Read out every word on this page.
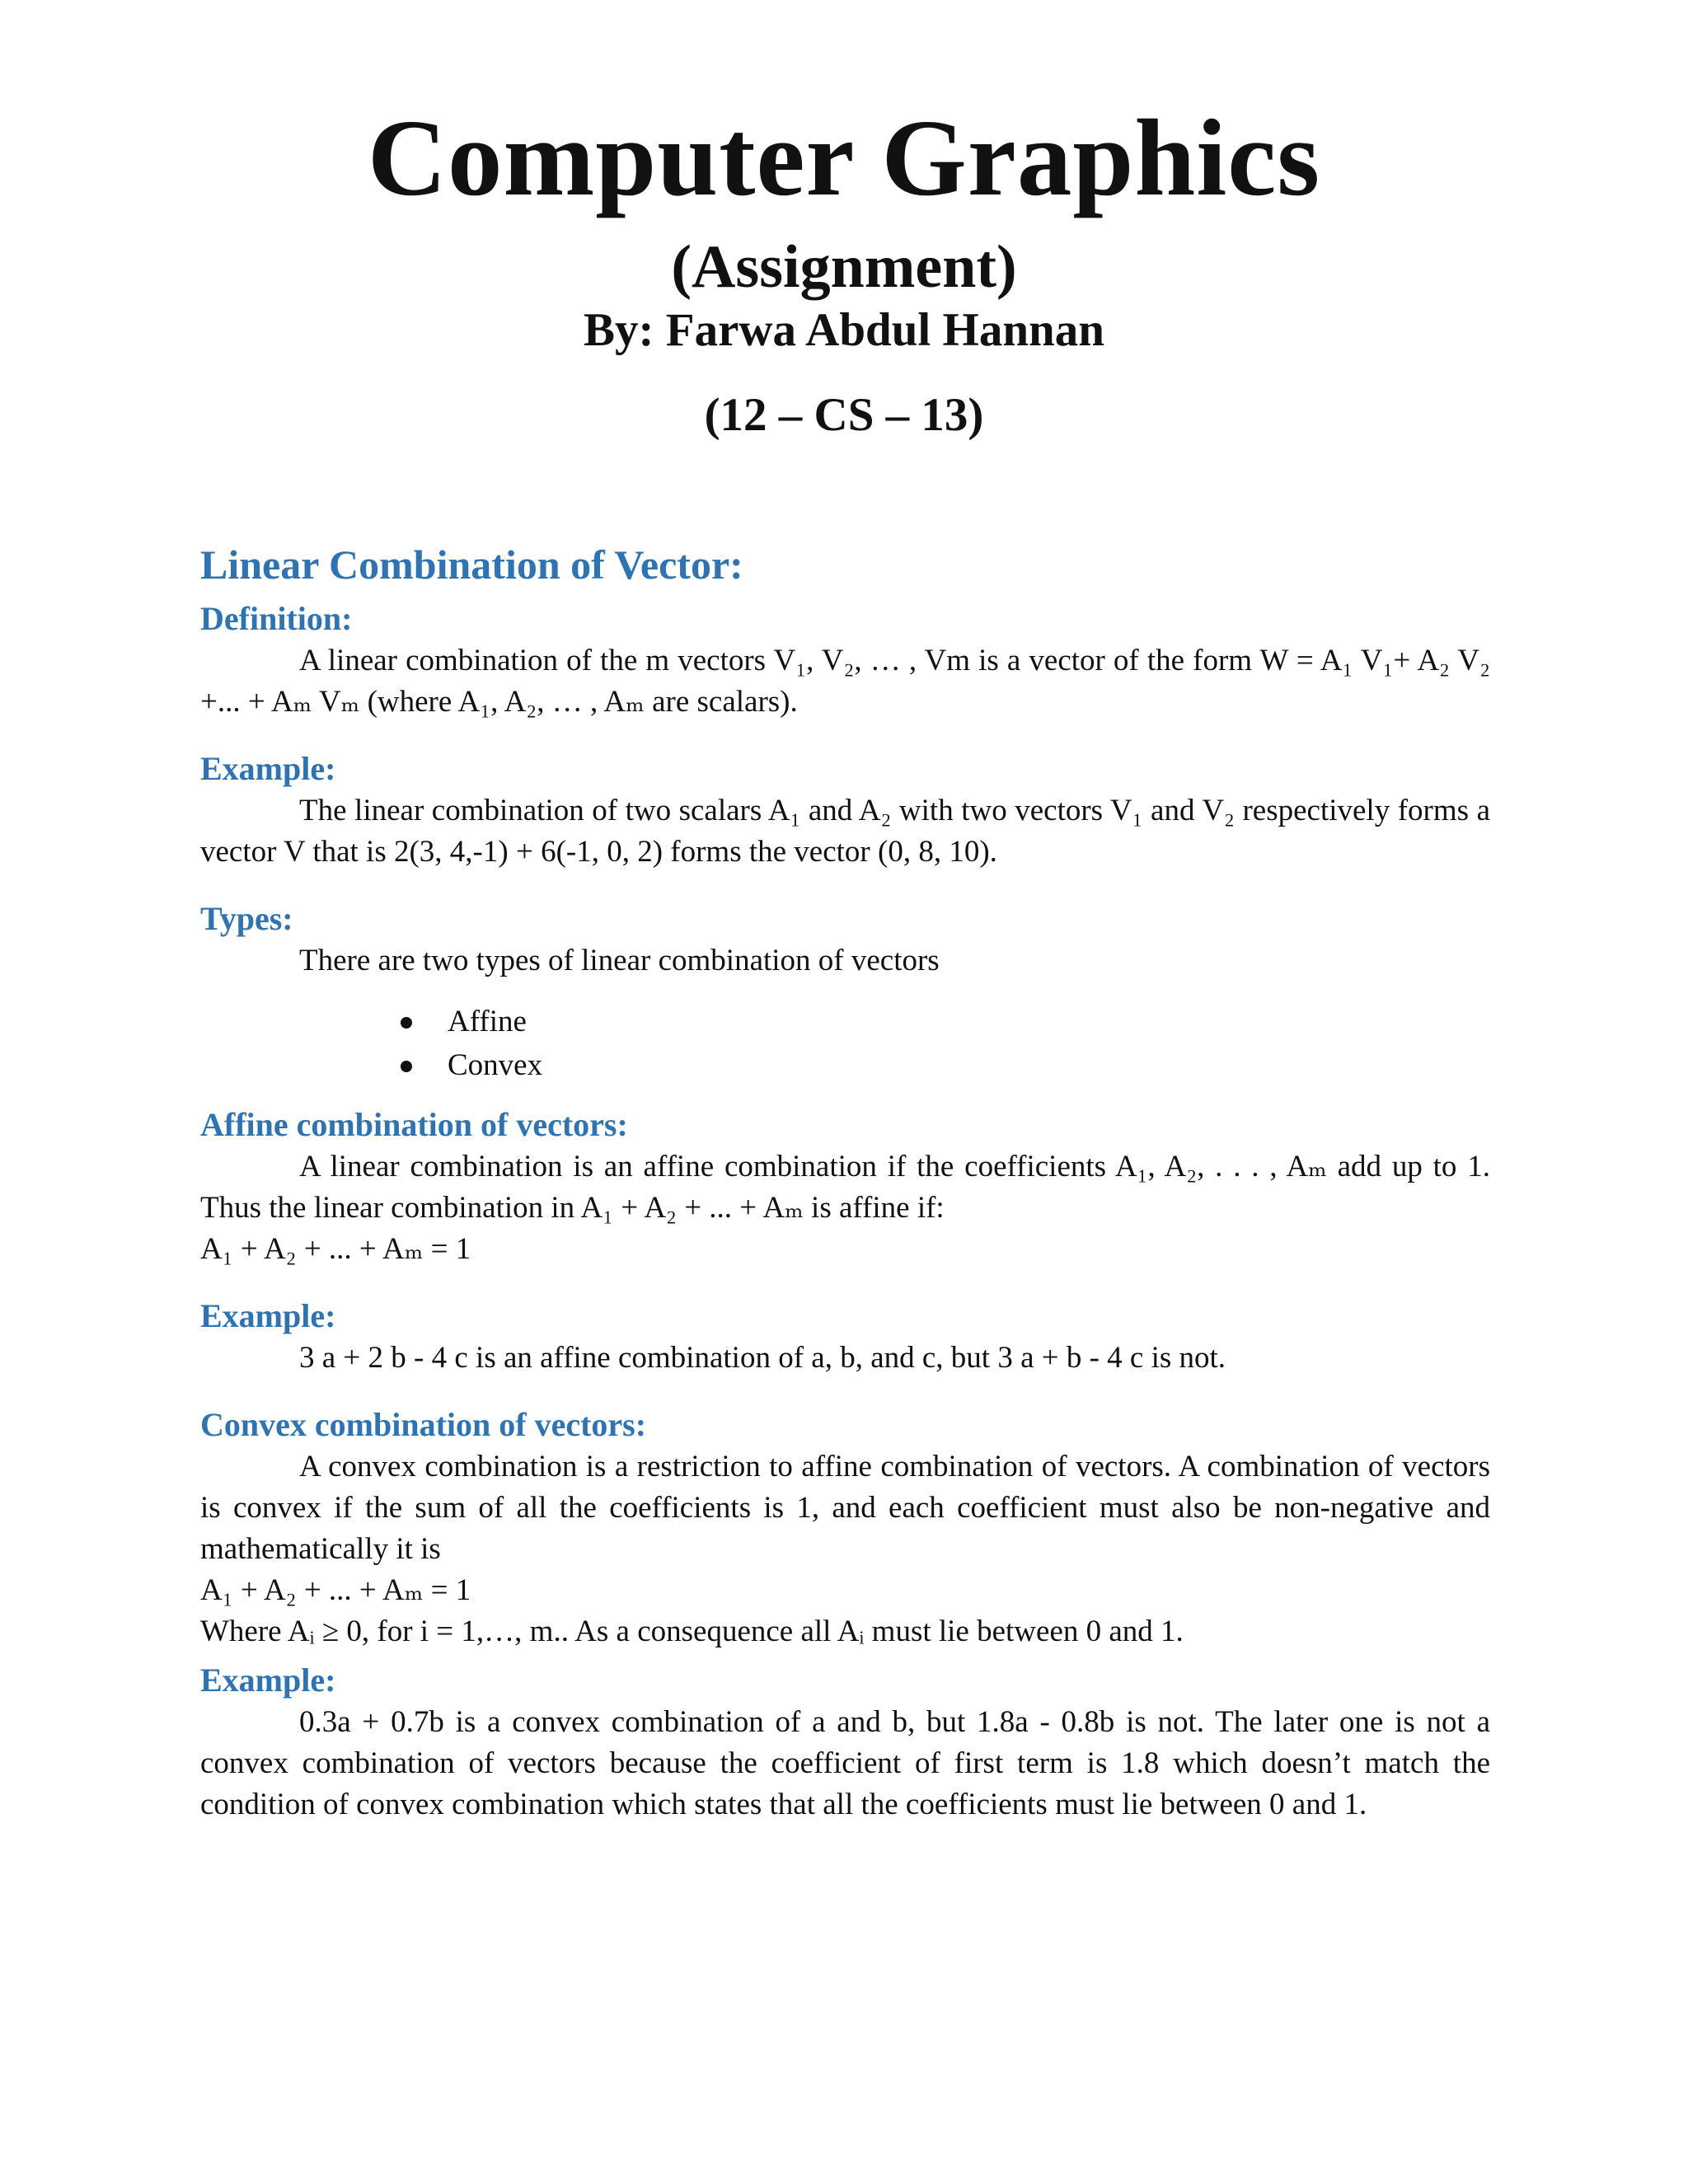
Computer Graphics
(Assignment)
By: Farwa Abdul Hannan
(12 – CS – 13)
Linear Combination of Vector:
Definition:

A linear combination of the m vectors V₁, V₂, … , Vm is a vector of the form W = A₁ V₁+ A₂ V₂ +... + Aₘ Vₘ (where A₁, A₂, … , Aₘ are scalars).

Example:

The linear combination of two scalars A₁ and A₂ with two vectors V₁ and V₂ respectively forms a vector V that is 2(3, 4,-1) + 6(-1, 0, 2) forms the vector (0, 8, 10).

Types:

There are two types of linear combination of vectors

Affine
Convex
Affine combination of vectors:

A linear combination is an affine combination if the coefficients A₁, A₂, . . . , Aₘ add up to 1. Thus the linear combination in A₁ + A₂ + ... + Aₘ is affine if:

A₁ + A₂ + ... + Aₘ = 1

Example:

3 a + 2 b - 4 c is an affine combination of a, b, and c, but 3 a + b - 4 c is not.

Convex combination of vectors:

A convex combination is a restriction to affine combination of vectors. A combination of vectors is convex if the sum of all the coefficients is 1, and each coefficient must also be non-negative and mathematically it is

A₁ + A₂ + ... + Aₘ = 1

Where Aᵢ ≥ 0, for i = 1,…, m.. As a consequence all Aᵢ must lie between 0 and 1.

Example:

0.3a + 0.7b is a convex combination of a and b, but 1.8a - 0.8b is not. The later one is not a convex combination of vectors because the coefficient of first term is 1.8 which doesn’t match the condition of convex combination which states that all the coefficients must lie between 0 and 1.
